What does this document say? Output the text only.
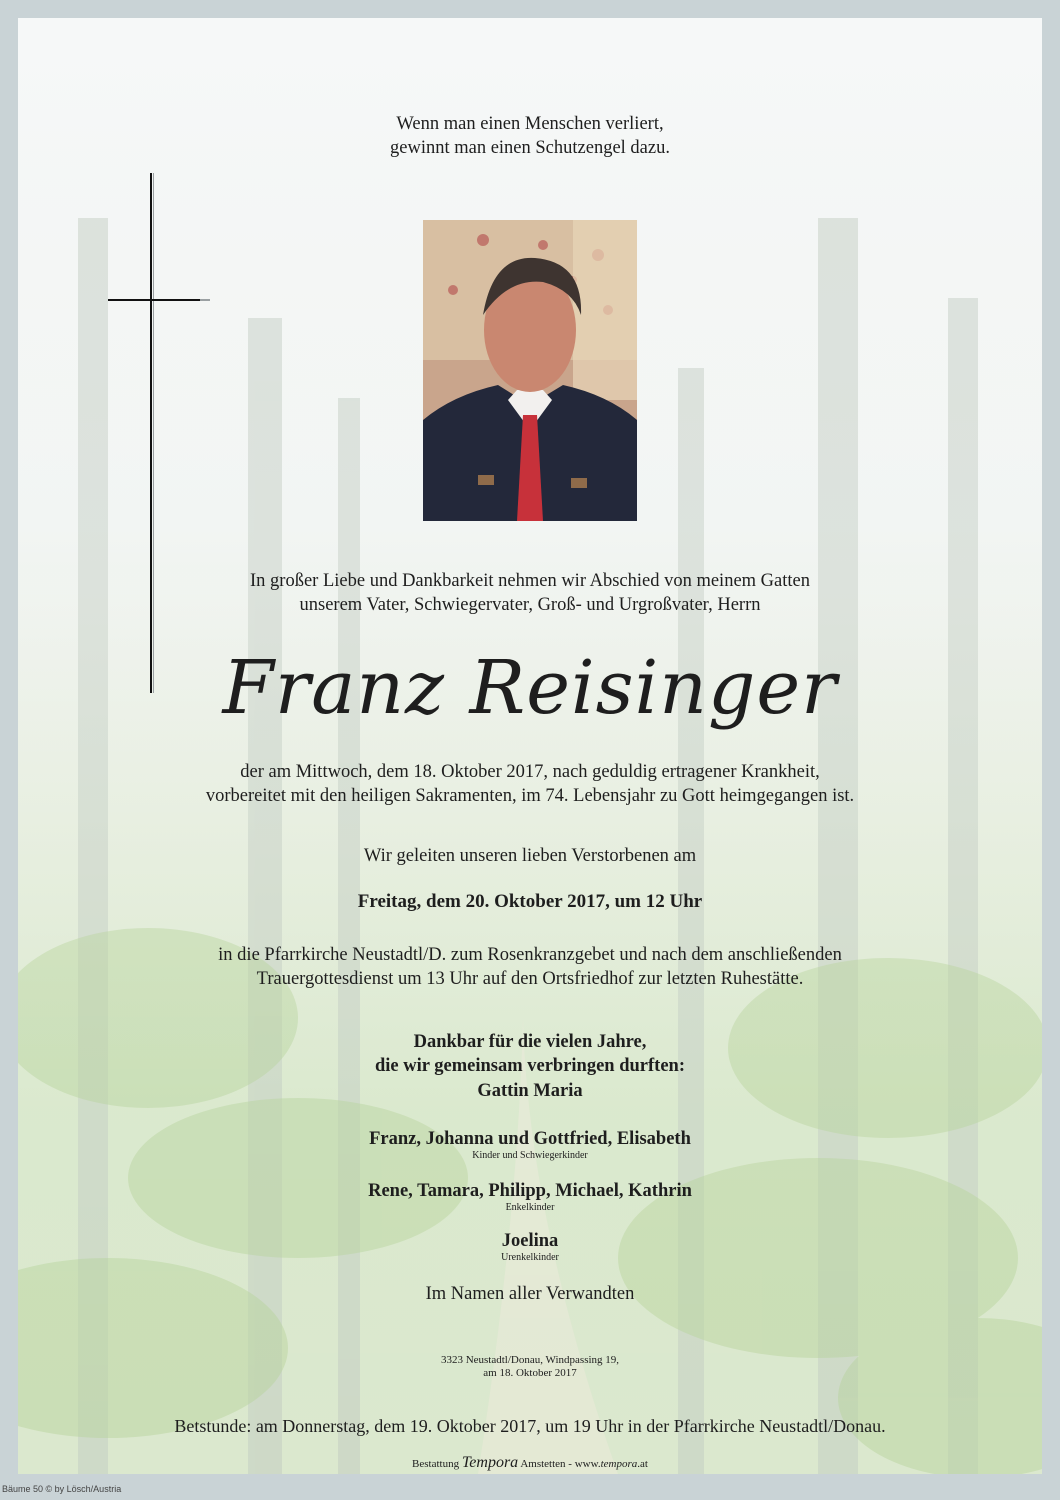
Wenn man einen Menschen verliert,
gewinnt man einen Schutzengel dazu.
In großer Liebe und Dankbarkeit nehmen wir Abschied von meinem Gatten
unserem Vater, Schwiegervater, Groß- und Urgroßvater, Herrn
Franz Reisinger
der am Mittwoch, dem 18. Oktober 2017, nach geduldig ertragener Krankheit,
vorbereitet mit den heiligen Sakramenten, im 74. Lebensjahr zu Gott heimgegangen ist.
Wir geleiten unseren lieben Verstorbenen am
Freitag, dem 20. Oktober 2017, um 12 Uhr
in die Pfarrkirche Neustadtl/D. zum Rosenkranzgebet und nach dem anschließenden
Trauergottesdienst um 13 Uhr auf den Ortsfriedhof zur letzten Ruhestätte.
Dankbar für die vielen Jahre,
die wir gemeinsam verbringen durften:
Gattin Maria
Franz, Johanna und Gottfried, Elisabeth
Kinder und Schwiegerkinder
Rene, Tamara, Philipp, Michael, Kathrin
Enkelkinder
Joelina
Urenkelkinder
Im Namen aller Verwandten
3323 Neustadtl/Donau, Windpassing 19,
am 18. Oktober 2017
Betstunde: am Donnerstag, dem 19. Oktober 2017, um 19 Uhr in der Pfarrkirche Neustadtl/Donau.
Bestattung Tempora Amstetten - www.tempora.at
Bäume 50 © by Lösch/Austria
